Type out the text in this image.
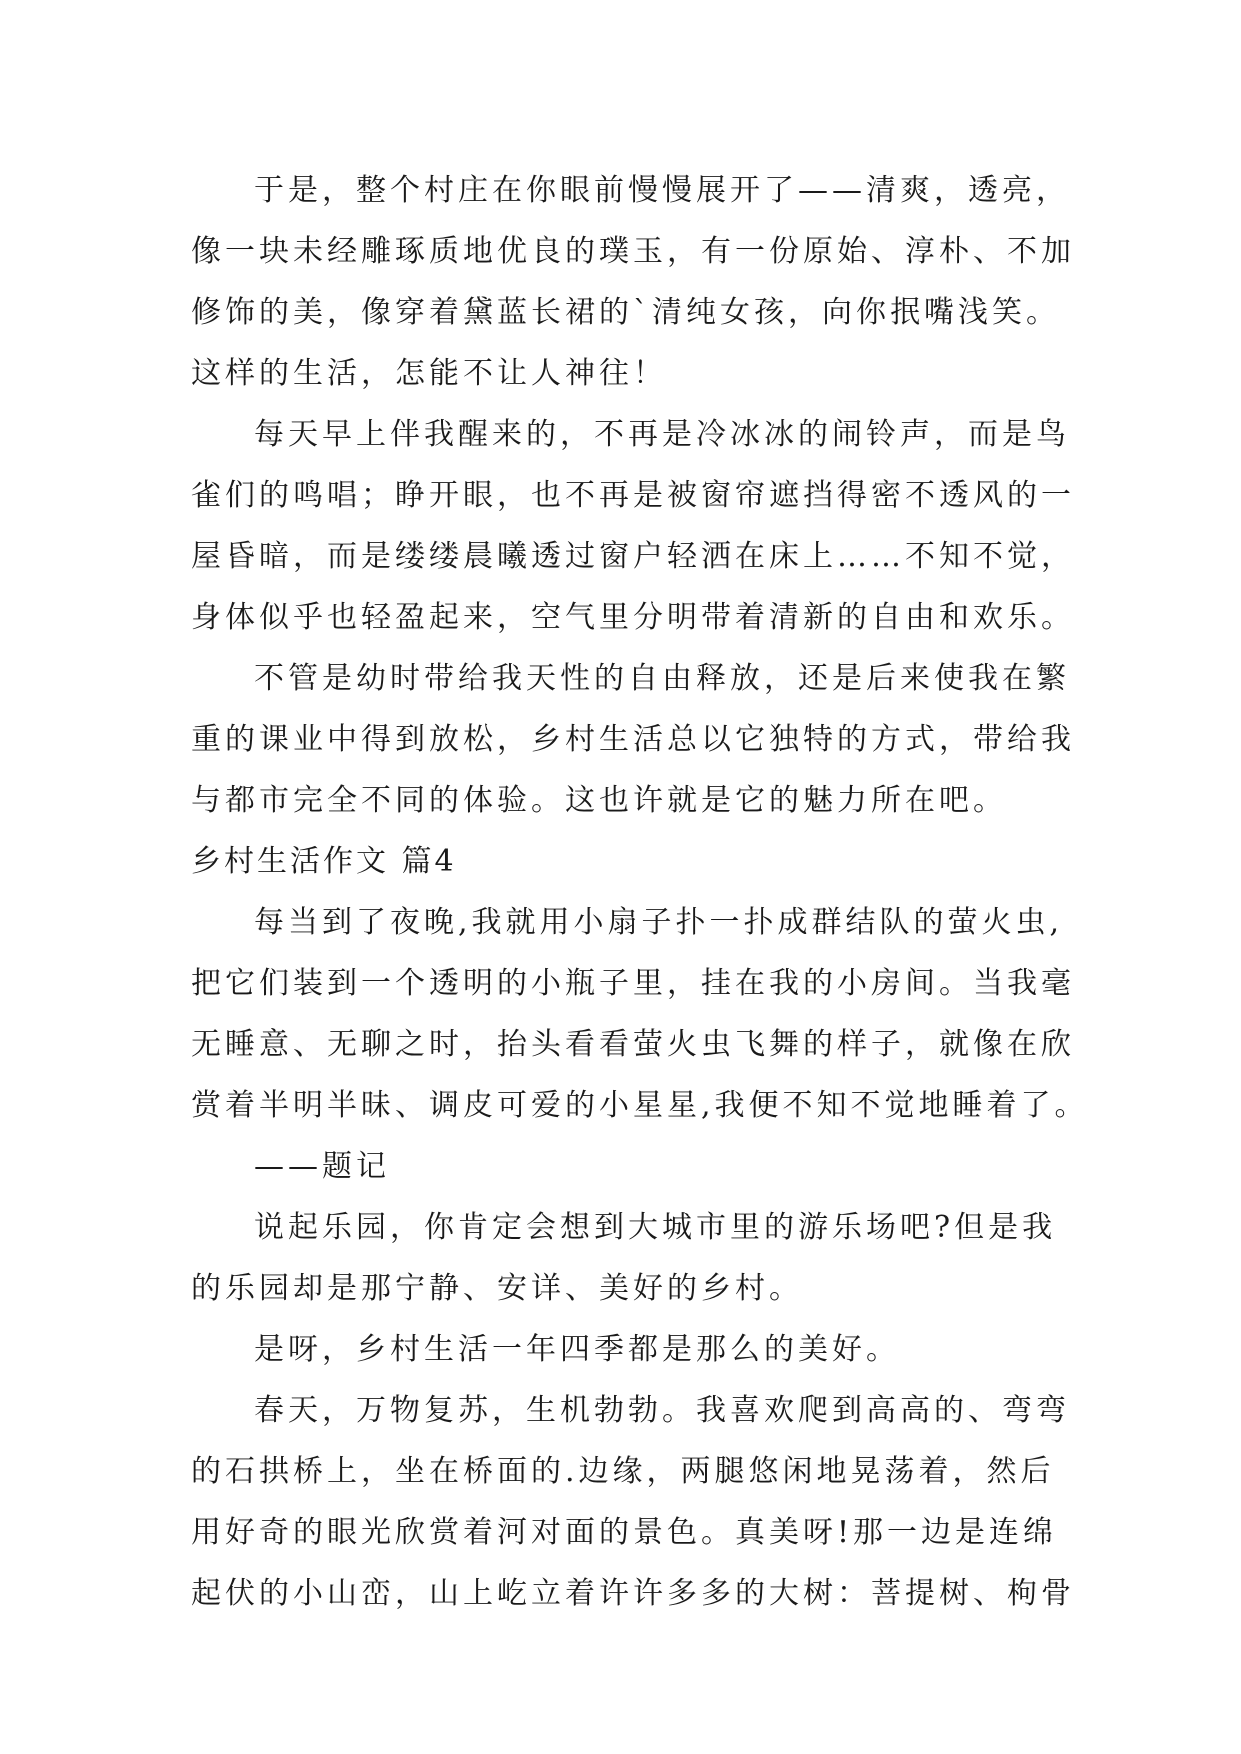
于是，整个村庄在你眼前慢慢展开了——清爽，透亮，
像一块未经雕琢质地优良的璞玉，有一份原始、淳朴、不加
修饰的美，像穿着黛蓝长裙的`清纯女孩，向你抿嘴浅笑。
这样的生活，怎能不让人神往！
每天早上伴我醒来的，不再是冷冰冰的闹铃声，而是鸟
雀们的鸣唱；睁开眼，也不再是被窗帘遮挡得密不透风的一
屋昏暗，而是缕缕晨曦透过窗户轻洒在床上……不知不觉，
身体似乎也轻盈起来，空气里分明带着清新的自由和欢乐。
不管是幼时带给我天性的自由释放，还是后来使我在繁
重的课业中得到放松，乡村生活总以它独特的方式，带给我
与都市完全不同的体验。这也许就是它的魅力所在吧。
乡村生活作文 篇4
每当到了夜晚,我就用小扇子扑一扑成群结队的萤火虫,
把它们装到一个透明的小瓶子里，挂在我的小房间。当我毫
无睡意、无聊之时，抬头看看萤火虫飞舞的样子，就像在欣
赏着半明半昧、调皮可爱的小星星,我便不知不觉地睡着了。
——题记
说起乐园，你肯定会想到大城市里的游乐场吧?但是我
的乐园却是那宁静、安详、美好的乡村。
是呀，乡村生活一年四季都是那么的美好。
春天，万物复苏，生机勃勃。我喜欢爬到高高的、弯弯
的石拱桥上，坐在桥面的.边缘，两腿悠闲地晃荡着，然后
用好奇的眼光欣赏着河对面的景色。真美呀!那一边是连绵
起伏的小山峦，山上屹立着许许多多的大树：菩提树、枸骨
